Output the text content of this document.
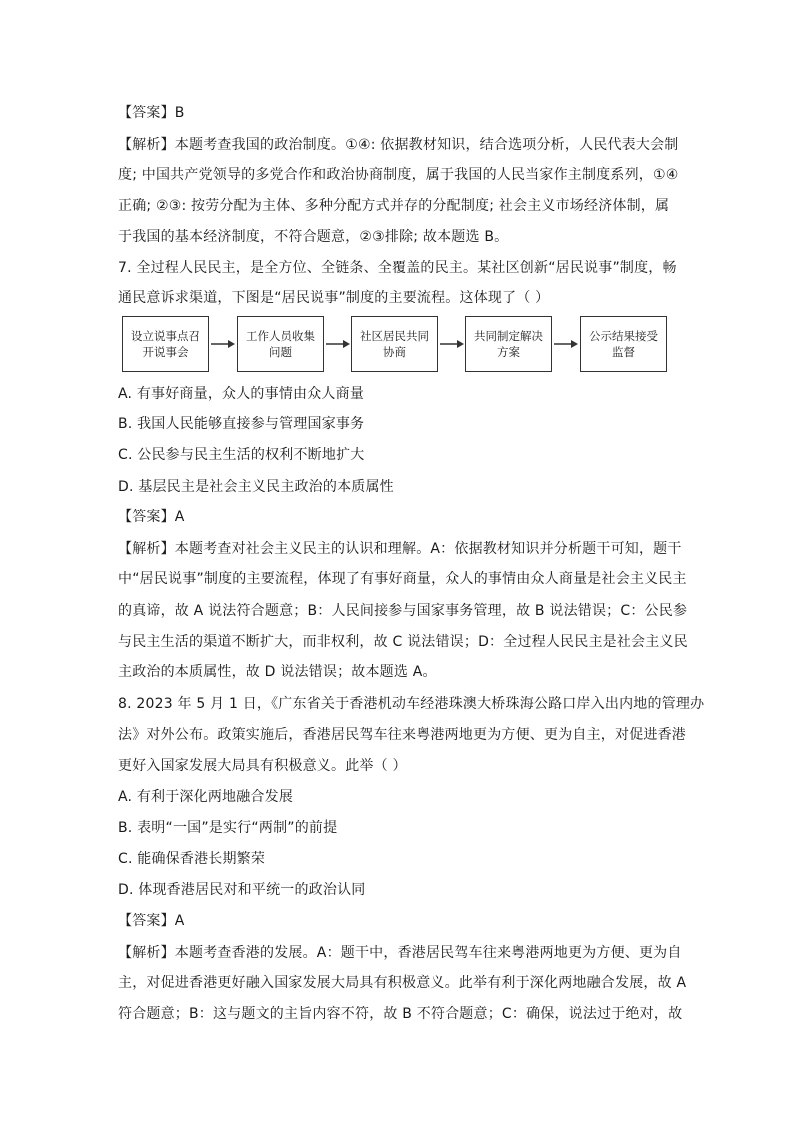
【答案】B
【解析】本题考查我国的政治制度。①④: 依据教材知识，结合选项分析，人民代表大会制
度; 中国共产党领导的多党合作和政治协商制度，属于我国的人民当家作主制度系列，①④
正确; ②③: 按劳分配为主体、多种分配方式并存的分配制度; 社会主义市场经济体制，属
于我国的基本经济制度，不符合题意，②③排除; 故本题选 B。
7. 全过程人民民主，是全方位、全链条、全覆盖的民主。某社区创新“居民说事”制度，畅
通民意诉求渠道，下图是“居民说事”制度的主要流程。这体现了（ ）
设立说事点召开说事会
工作人员收集问题
社区居民共同协商
共同制定解决方案
公示结果接受监督
A. 有事好商量，众人的事情由众人商量
B. 我国人民能够直接参与管理国家事务
C. 公民参与民主生活的权利不断地扩大
D. 基层民主是社会主义民主政治的本质属性
【答案】A
【解析】本题考查对社会主义民主的认识和理解。A：依据教材知识并分析题干可知，题干
中“居民说事”制度的主要流程，体现了有事好商量，众人的事情由众人商量是社会主义民主
的真谛，故 A 说法符合题意；B：人民间接参与国家事务管理，故 B 说法错误；C：公民参
与民主生活的渠道不断扩大，而非权利，故 C 说法错误；D：全过程人民民主是社会主义民
主政治的本质属性，故 D 说法错误；故本题选 A。
8. 2023 年 5 月 1 日，《广东省关于香港机动车经港珠澳大桥珠海公路口岸入出内地的管理办
法》对外公布。政策实施后，香港居民驾车往来粤港两地更为方便、更为自主，对促进香港
更好入国家发展大局具有积极意义。此举（ ）
A. 有利于深化两地融合发展
B. 表明“一国”是实行“两制”的前提
C. 能确保香港长期繁荣
D. 体现香港居民对和平统一的政治认同
【答案】A
【解析】本题考查香港的发展。A：题干中，香港居民驾车往来粤港两地更为方便、更为自
主，对促进香港更好融入国家发展大局具有积极意义。此举有利于深化两地融合发展，故 A
符合题意；B：这与题文的主旨内容不符，故 B 不符合题意；C：确保，说法过于绝对，故
